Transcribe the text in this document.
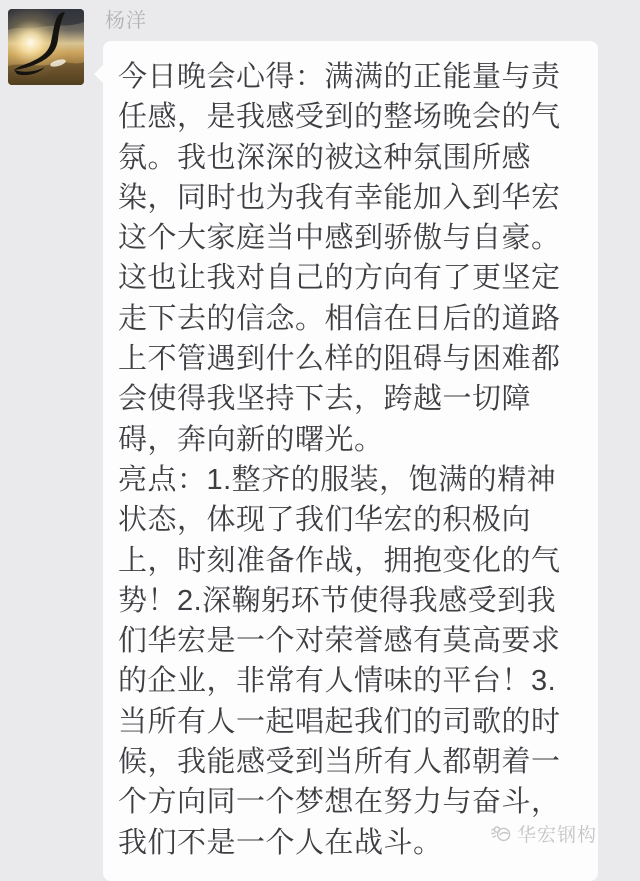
杨洋
今日晚会心得：满满的正能量与责
任感，是我感受到的整场晚会的气
氛。我也深深的被这种氛围所感
染，同时也为我有幸能加入到华宏
这个大家庭当中感到骄傲与自豪。
这也让我对自己的方向有了更坚定
走下去的信念。相信在日后的道路
上不管遇到什么样的阻碍与困难都
会使得我坚持下去，跨越一切障
碍，奔向新的曙光。
亮点：1.整齐的服装，饱满的精神
状态，体现了我们华宏的积极向
上，时刻准备作战，拥抱变化的气
势！2.深鞠躬环节使得我感受到我
们华宏是一个对荣誉感有莫高要求
的企业，非常有人情味的平台！3.
当所有人一起唱起我们的司歌的时
候，我能感受到当所有人都朝着一
个方向同一个梦想在努力与奋斗，
我们不是一个人在战斗。	华宏钢构
